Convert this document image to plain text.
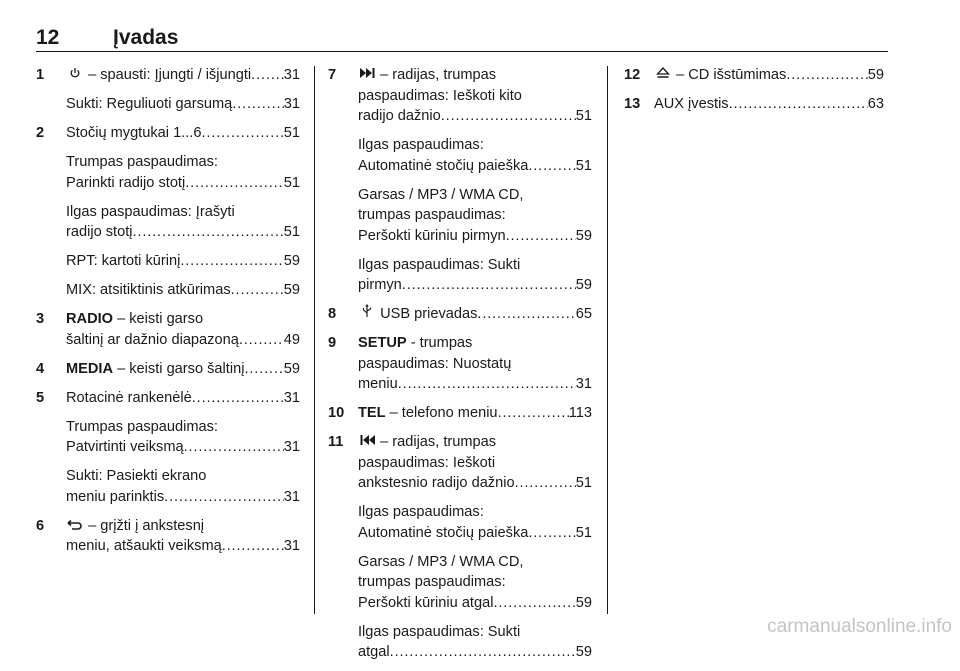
12	Įvadas
1	– spausti: Įjungti / išjungti . . . 31
Sukti: Reguliuoti garsumą . . .	31
2 Stočių mygtukai 1...6 . . .	51
Trumpas paspaudimas:
Parinkti radijo stotį . . .	51
Ilgas paspaudimas: Įrašyti
radijo stotį . . .	51
RPT: kartoti kūrinį . . .	59
MIX: atsitiktinis atkūrimas . . .	59
3 RADIO – keisti garso
šaltinį ar dažnio diapazoną . . .	49
4 MEDIA – keisti garso šaltinį . . .	59
5 Rotacinė rankenėlė . . .	31
Trumpas paspaudimas:
Patvirtinti veiksmą . . .	31
Sukti: Pasiekti ekrano
meniu parinktis . . .	31
6	– grįžti į ankstesnį
meniu, atšaukti veiksmą . . .	31
7	– radijas, trumpas
paspaudimas: Ieškoti kito
radijo dažnio . . .	51
Ilgas paspaudimas:
Automatinė stočių paieška . . .	51
Garsas / MP3 / WMA CD,
trumpas paspaudimas:
Peršokti kūriniu pirmyn . . .	59
Ilgas paspaudimas: Sukti
pirmyn . . .	59
8	USB prievadas . . .	65
9 SETUP - trumpas
paspaudimas: Nuostatų
meniu . . .	31
10 TEL – telefono meniu . . .	113
11	– radijas, trumpas
paspaudimas: Ieškoti
ankstesnio radijo dažnio . . .	51
Ilgas paspaudimas:
Automatinė stočių paieška . . .	51
Garsas / MP3 / WMA CD,
trumpas paspaudimas:
Peršokti kūriniu atgal . . .	59
Ilgas paspaudimas: Sukti
atgal . . .	59
12	– CD išstūmimas . . .	59
13 AUX įvestis . . .	63
carmanualsonline.info
